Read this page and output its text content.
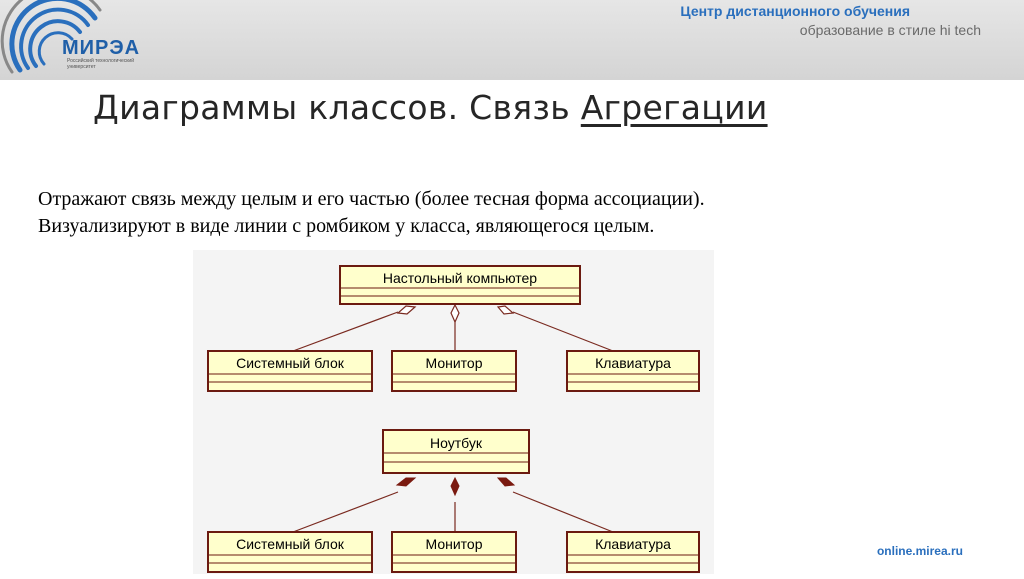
МИРЭА
Российский технологический университет
Центр дистанционного обучения
образование в стиле hi tech
Диаграммы классов. Связь Агрегации
Отражают связь между целым и его частью (более тесная форма ассоциации).
Визуализируют в виде линии с ромбиком у класса, являющегося целым.
Настольный компьютер
Системный блок	Монитор	Клавиатура
Ноутбук
Системный блок	Монитор	Клавиатура	online.mirea.ru
